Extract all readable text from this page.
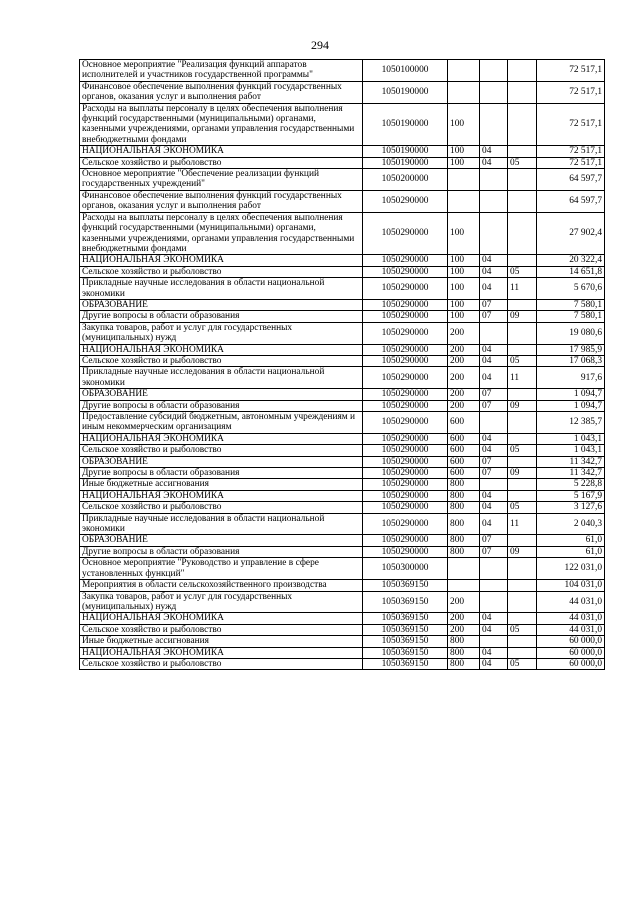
294
Основное мероприятие "Реализация функций аппаратов исполнителей и участников государственной программы"	1050100000				72 517,1
Финансовое обеспечение выполнения функций государственных органов, оказания услуг и выполнения работ	1050190000				72 517,1
Расходы на выплаты персоналу в целях обеспечения выполнения функций государственными (муниципальными) органами, казенными учреждениями, органами управления государственными внебюджетными фондами	1050190000	100			72 517,1
НАЦИОНАЛЬНАЯ ЭКОНОМИКА	1050190000	100	04		72 517,1
Сельское хозяйство и рыболовство	1050190000	100	04	05	72 517,1
Основное мероприятие "Обеспечение реализации функций государственных учреждений"	1050200000				64 597,7
Финансовое обеспечение выполнения функций государственных органов, оказания услуг и выполнения работ	1050290000				64 597,7
Расходы на выплаты персоналу в целях обеспечения выполнения функций государственными (муниципальными) органами, казенными учреждениями, органами управления государственными внебюджетными фондами	1050290000	100			27 902,4
НАЦИОНАЛЬНАЯ ЭКОНОМИКА	1050290000	100	04		20 322,4
Сельское хозяйство и рыболовство	1050290000	100	04	05	14 651,8
Прикладные научные исследования в области национальной экономики	1050290000	100	04	11	5 670,6
ОБРАЗОВАНИЕ	1050290000	100	07		7 580,1
Другие вопросы в области образования	1050290000	100	07	09	7 580,1
Закупка товаров, работ и услуг для государственных (муниципальных) нужд	1050290000	200			19 080,6
НАЦИОНАЛЬНАЯ ЭКОНОМИКА	1050290000	200	04		17 985,9
Сельское хозяйство и рыболовство	1050290000	200	04	05	17 068,3
Прикладные научные исследования в области национальной экономики	1050290000	200	04	11	917,6
ОБРАЗОВАНИЕ	1050290000	200	07		1 094,7
Другие вопросы в области образования	1050290000	200	07	09	1 094,7
Предоставление субсидий бюджетным, автономным учреждениям и иным некоммерческим организациям	1050290000	600			12 385,7
НАЦИОНАЛЬНАЯ ЭКОНОМИКА	1050290000	600	04		1 043,1
Сельское хозяйство и рыболовство	1050290000	600	04	05	1 043,1
ОБРАЗОВАНИЕ	1050290000	600	07		11 342,7
Другие вопросы в области образования	1050290000	600	07	09	11 342,7
Иные бюджетные ассигнования	1050290000	800			5 228,8
НАЦИОНАЛЬНАЯ ЭКОНОМИКА	1050290000	800	04		5 167,9
Сельское хозяйство и рыболовство	1050290000	800	04	05	3 127,6
Прикладные научные исследования в области национальной экономики	1050290000	800	04	11	2 040,3
ОБРАЗОВАНИЕ	1050290000	800	07		61,0
Другие вопросы в области образования	1050290000	800	07	09	61,0
Основное мероприятие "Руководство и управление в сфере установленных функций"	1050300000				122 031,0
Мероприятия в области сельскохозяйственного производства	1050369150				104 031,0
Закупка товаров, работ и услуг для государственных (муниципальных) нужд	1050369150	200			44 031,0
НАЦИОНАЛЬНАЯ ЭКОНОМИКА	1050369150	200	04		44 031,0
Сельское хозяйство и рыболовство	1050369150	200	04	05	44 031,0
Иные бюджетные ассигнования	1050369150	800			60 000,0
НАЦИОНАЛЬНАЯ ЭКОНОМИКА	1050369150	800	04		60 000,0
Сельское хозяйство и рыболовство	1050369150	800	04	05	60 000,0
